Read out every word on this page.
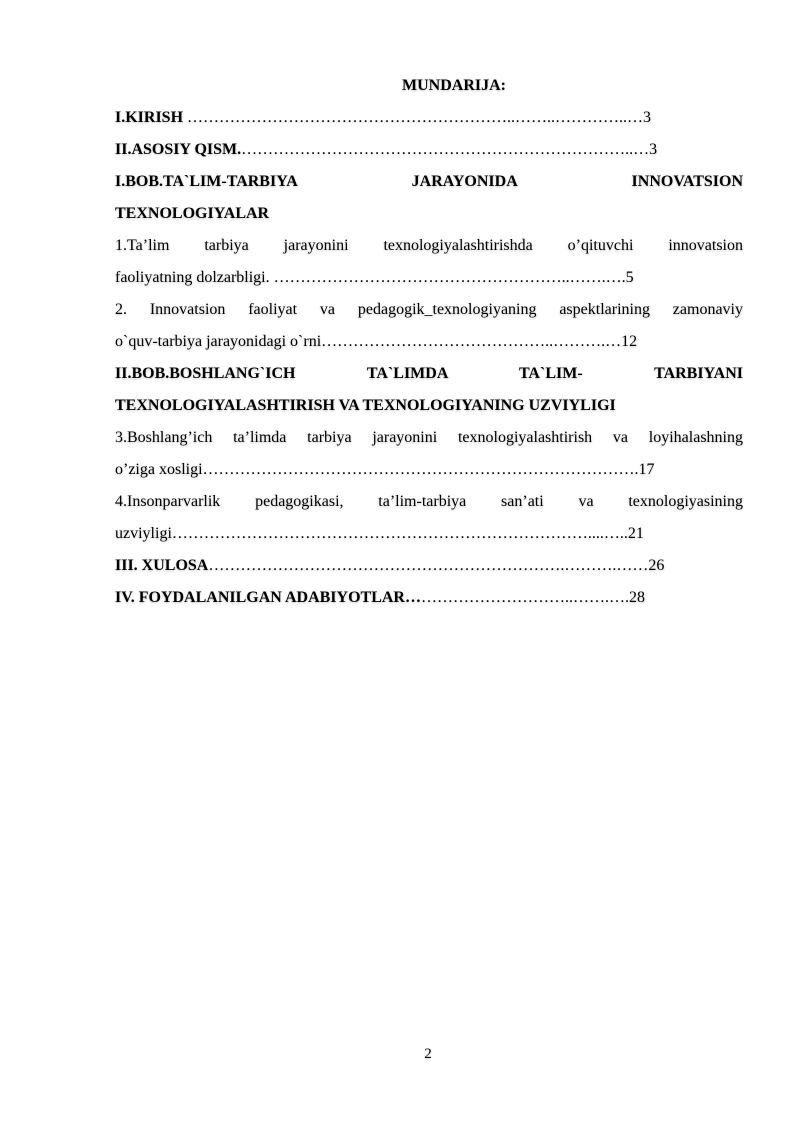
MUNDARIJA:
I.KIRISH ……………………………………………………..……..…………..…3
II.ASOSIY QISM.………………………………………………………………..…3
I.BOB.TA`LIM-TARBIYA JARAYONIDA INNOVATSION
TEXNOLOGIYALAR
1.Ta’lim tarbiya jarayonini texnologiyalashtirishda o’qituvchi innovatsion
faoliyatning dolzarbligi. ………………………………………………..…….….5
2. Innovatsion faoliyat va pedagogik_texnologiyaning aspektlarining zamonaviy
o`quv-tarbiya jarayonidagi o`rni……………………………………..……….…12
II.BOB.BOSHLANG`ICH TA`LIMDA TA`LIM- TARBIYANI
TEXNOLOGIYALASHTIRISH VA TEXNOLOGIYANING UZVIYLIGI
3.Boshlang’ich ta’limda tarbiya jarayonini texnologiyalashtirish va loyihalashning
o’ziga xosligi……………………………………………………………………….17
4.Insonparvarlik pedagogikasi, ta’lim-tarbiya san’ati va texnologiyasining
uzviyligi……………………………………………………………………....…..21
III. XULOSA………………………………………………………….……….……26
IV. FOYDALANILGAN ADABIYOTLAR…………………………..…….….28
2
